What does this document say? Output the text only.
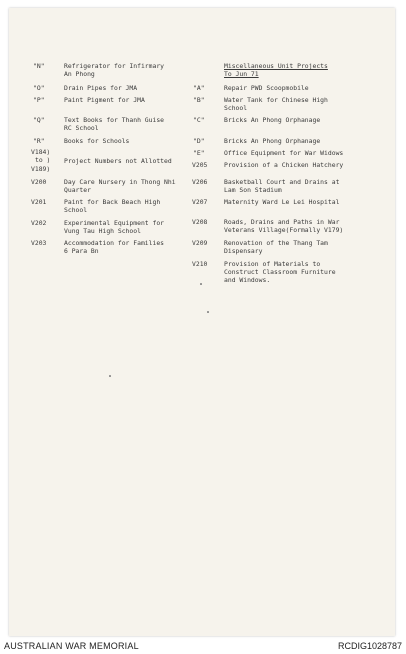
"N"	Refrigerator for Infirmary
An Phong
"O"	Drain Pipes for JMA
"P"	Paint Pigment for JMA
"Q"	Text Books for Thanh Guise
RC School
"R"	Books for Schools
V184)
to )
V189)
Project Numbers not Allotted
V200	Day Care Nursery in Thong Nhi
Quarter
V201	Paint for Back Beach High
School
V202	Experimental Equipment for
Vung Tau High School
V203	Accommodation for Families
6 Para Bn
Miscellaneous Unit Projects
To Jun 71
"A"	Repair PWD Scoopmobile
"B"	Water Tank for Chinese High
School
"C"	Bricks An Phong Orphanage
"D"	Bricks An Phong Orphanage
"E"	Office Equipment for War Widows
V205	Provision of a Chicken Hatchery
V206	Basketball Court and Drains at
Lam Son Stadium
V207	Maternity Ward Le Lei Hospital
V208	Roads, Drains and Paths in War
Veterans Village(Formally V179)
V209	Renovation of the Thang Tam
Dispensary
V210	Provision of Materials to
Construct Classroom Furniture
and Windows.
AUSTRALIAN WAR MEMORIAL	RCDIG1028787
